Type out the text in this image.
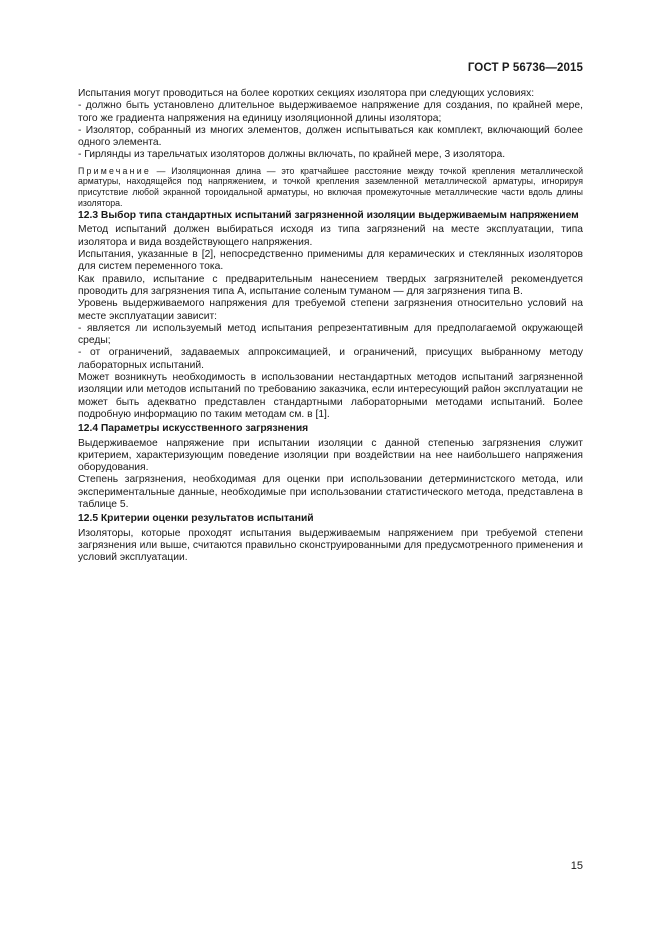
ГОСТ Р 56736—2015

Испытания могут проводиться на более коротких секциях изолятора при следующих условиях:

- должно быть установлено длительное выдерживаемое напряжение для создания, по крайней мере, того же градиента напряжения на единицу изоляционной длины изолятора;

- Изолятор, собранный из многих элементов, должен испытываться как комплект, включающий более одного элемента.

- Гирлянды из тарельчатых изоляторов должны включать, по крайней мере, 3 изолятора.

Примечание — Изоляционная длина — это кратчайшее расстояние между точкой крепления металлической арматуры, находящейся под напряжением, и точкой крепления заземленной металлической арматуры, игнорируя присутствие любой экранной тороидальной арматуры, но включая промежуточные металлические части вдоль длины изолятора.

12.3 Выбор типа стандартных испытаний загрязненной изоляции выдерживаемым напряжением

Метод испытаний должен выбираться исходя из типа загрязнений на месте эксплуатации, типа изолятора и вида воздействующего напряжения.

Испытания, указанные в [2], непосредственно применимы для керамических и стеклянных изоляторов для систем переменного тока.

Как правило, испытание с предварительным нанесением твердых загрязнителей рекомендуется проводить для загрязнения типа А, испытание соленым туманом — для загрязнения типа В.

Уровень выдерживаемого напряжения для требуемой степени загрязнения относительно условий на месте эксплуатации зависит:

- является ли используемый метод испытания репрезентативным для предполагаемой окружающей среды;

- от ограничений, задаваемых аппроксимацией, и ограничений, присущих выбранному методу лабораторных испытаний.

Может возникнуть необходимость в использовании нестандартных методов испытаний загрязненной изоляции или методов испытаний по требованию заказчика, если интересующий район эксплуатации не может быть адекватно представлен стандартными лабораторными методами испытаний. Более подробную информацию по таким методам см. в [1].

12.4 Параметры искусственного загрязнения

Выдерживаемое напряжение при испытании изоляции с данной степенью загрязнения служит критерием, характеризующим поведение изоляции при воздействии на нее наибольшего напряжения оборудования.

Степень загрязнения, необходимая для оценки при использовании детерминистского метода, или экспериментальные данные, необходимые при использовании статистического метода, представлена в таблице 5.

12.5 Критерии оценки результатов испытаний

Изоляторы, которые проходят испытания выдерживаемым напряжением при требуемой степени загрязнения или выше, считаются правильно сконструированными для предусмотренного применения и условий эксплуатации.

15
